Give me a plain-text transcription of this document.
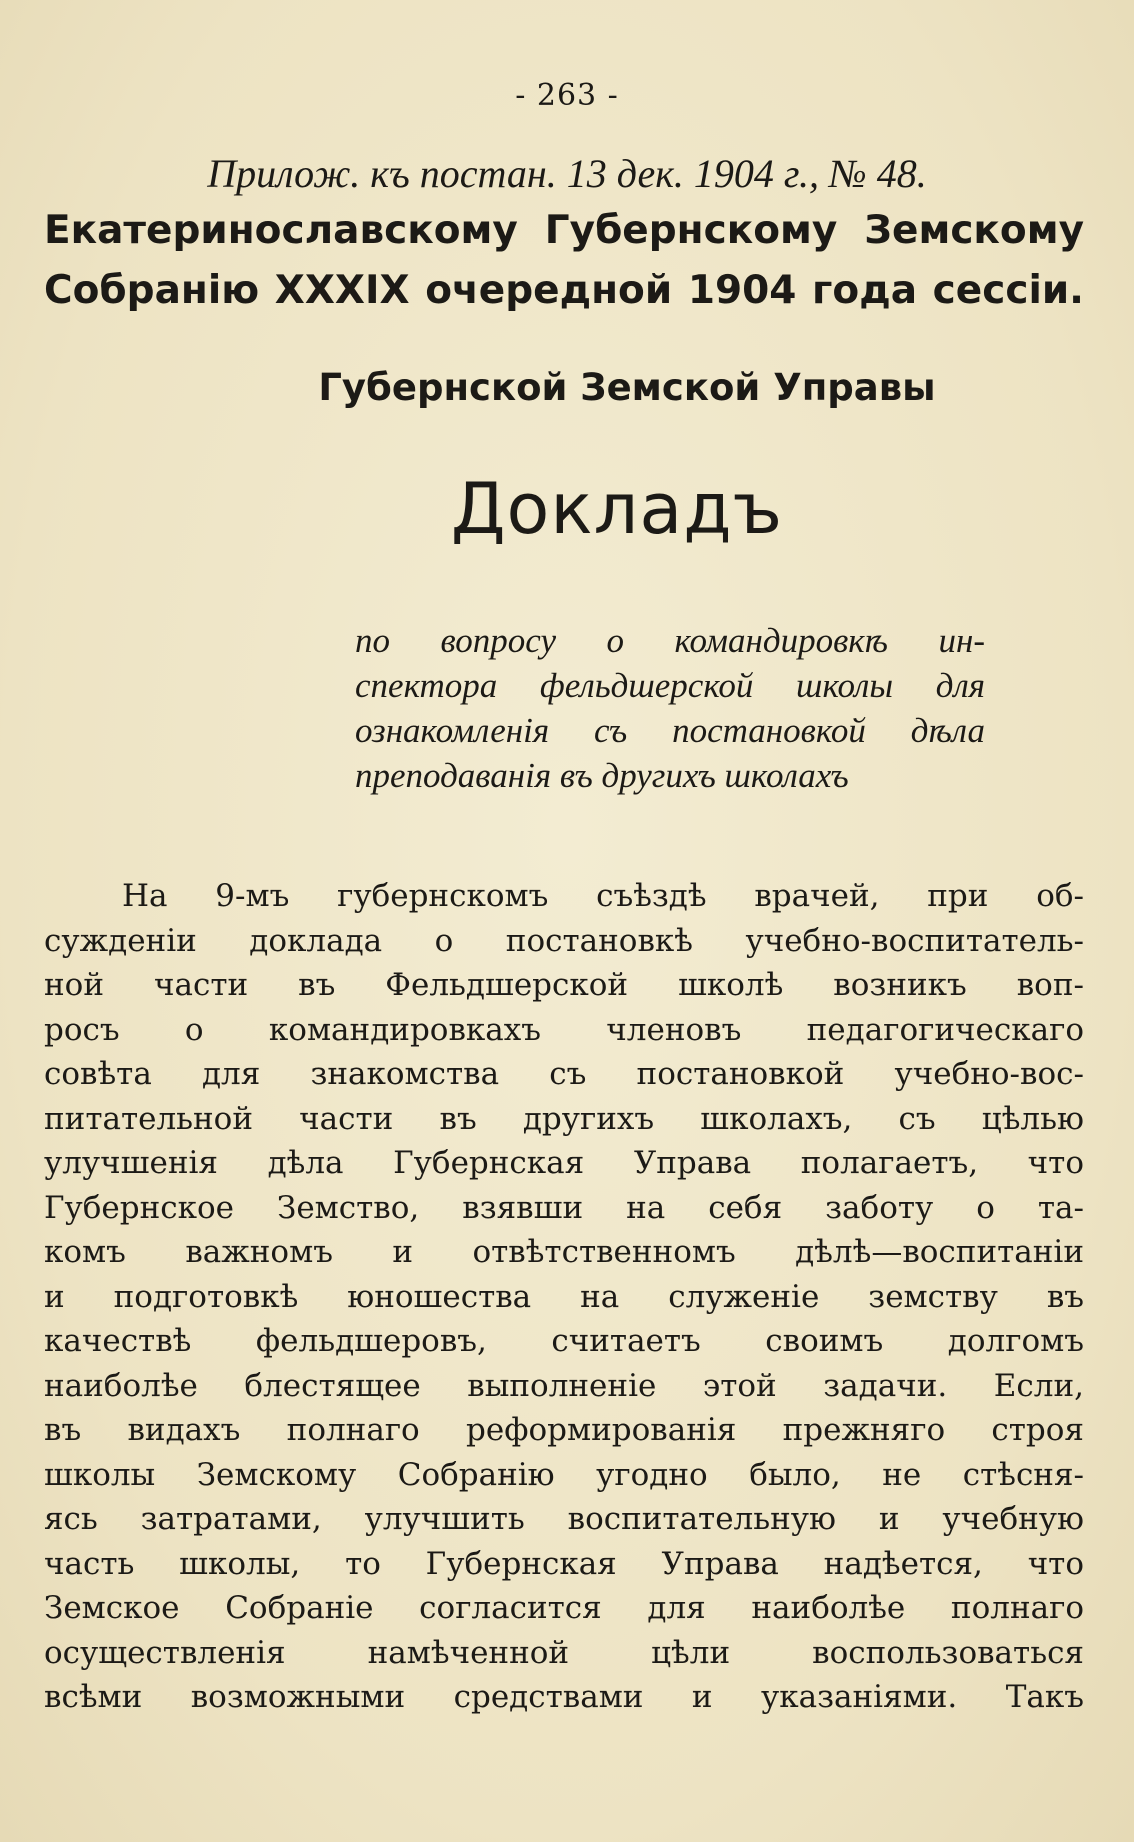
- 263 -
Прилож. къ постан. 13 дек. 1904 г., № 48.
Екатеринославскому Губернскому Земскому
Собранію XXXIX очередной 1904 года сессіи.
Губернской Земской Управы
Докладъ
по вопросу о командировкѣ ин-
спектора фельдшерской школы для
ознакомленія съ постановкой дѣла
преподаванія въ другихъ школахъ
На 9-мъ губернскомъ съѣздѣ врачей, при об-
сужденіи доклада о постановкѣ учебно-воспитатель-
ной части въ Фельдшерской школѣ возникъ воп-
росъ о командировкахъ членовъ педагогическаго
совѣта для знакомства съ постановкой учебно-вос-
питательной части въ другихъ школахъ, съ цѣлью
улучшенія дѣла Губернская Управа полагаетъ, что
Губернское Земство, взявши на себя заботу о та-
комъ важномъ и отвѣтственномъ дѣлѣ—воспитаніи
и подготовкѣ юношества на служеніе земству въ
качествѣ фельдшеровъ, считаетъ своимъ долгомъ
наиболѣе блестящее выполненіе этой задачи. Если,
въ видахъ полнаго реформированія прежняго строя
школы Земскому Собранію угодно было, не стѣсня-
ясь затратами, улучшить воспитательную и учебную
часть школы, то Губернская Управа надѣется, что
Земское Собраніе согласится для наиболѣе полнаго
осуществленія намѣченной цѣли воспользоваться
всѣми возможными средствами и указаніями. Такъ
